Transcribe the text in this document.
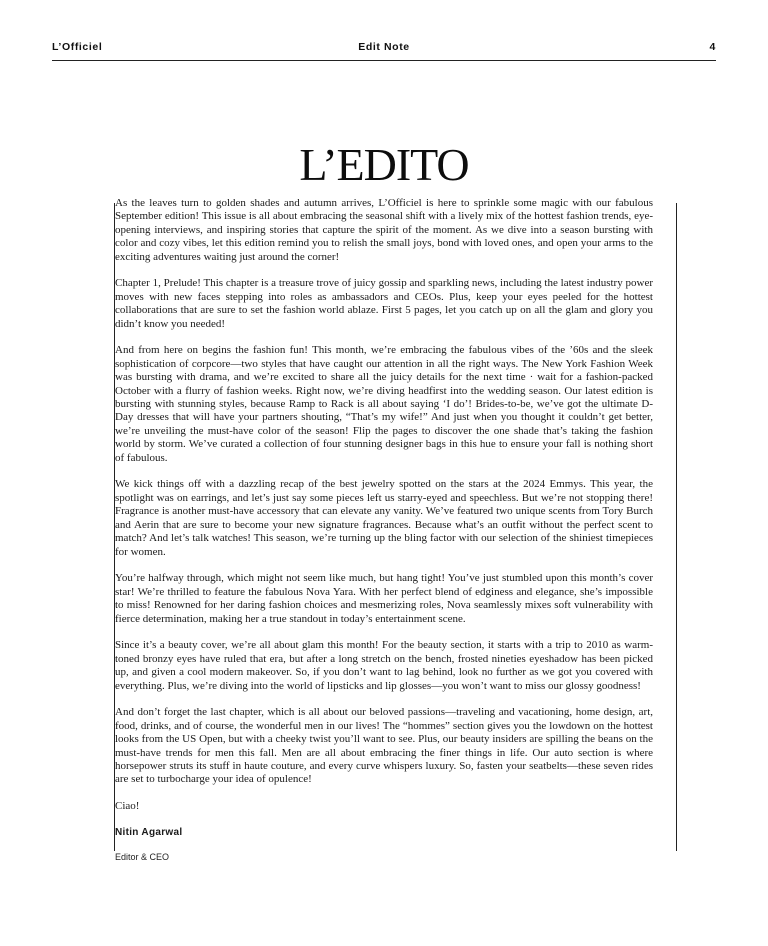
L’Officiel	Edit Note	4
L’EDITO

As the leaves turn to golden shades and autumn arrives, L’Officiel is here to sprinkle some magic with our fabulous September edition! This issue is all about embracing the seasonal shift with a lively mix of the hottest fashion trends, eye-opening interviews, and inspiring stories that capture the spirit of the moment. As we dive into a season bursting with color and cozy vibes, let this edition remind you to relish the small joys, bond with loved ones, and open your arms to the exciting adventures waiting just around the corner!

Chapter 1, Prelude! This chapter is a treasure trove of juicy gossip and sparkling news, including the latest industry power moves with new faces stepping into roles as ambassadors and CEOs. Plus, keep your eyes peeled for the hottest collaborations that are sure to set the fashion world ablaze. First 5 pages, let you catch up on all the glam and glory you didn’t know you needed!

And from here on begins the fashion fun! This month, we’re embracing the fabulous vibes of the ’60s and the sleek sophistication of corpcore—two styles that have caught our attention in all the right ways. The New York Fashion Week was bursting with drama, and we’re excited to share all the juicy details for the next time · wait for a fashion-packed October with a flurry of fashion weeks. Right now, we’re diving headfirst into the wedding season. Our latest edition is bursting with stunning styles, because Ramp to Rack is all about saying ‘I do’! Brides-to-be, we’ve got the ultimate D-Day dresses that will have your partners shouting, “That’s my wife!” And just when you thought it couldn’t get better, we’re unveiling the must-have color of the season! Flip the pages to discover the one shade that’s taking the fashion world by storm. We’ve curated a collection of four stunning designer bags in this hue to ensure your fall is nothing short of fabulous.

We kick things off with a dazzling recap of the best jewelry spotted on the stars at the 2024 Emmys. This year, the spotlight was on earrings, and let’s just say some pieces left us starry-eyed and speechless. But we’re not stopping there! Fragrance is another must-have accessory that can elevate any vanity. We’ve featured two unique scents from Tory Burch and Aerin that are sure to become your new signature fragrances. Because what’s an outfit without the perfect scent to match? And let’s talk watches! This season, we’re turning up the bling factor with our selection of the shiniest timepieces for women.

You’re halfway through, which might not seem like much, but hang tight! You’ve just stumbled upon this month’s cover star! We’re thrilled to feature the fabulous Nova Yara. With her perfect blend of edginess and elegance, she’s impossible to miss! Renowned for her daring fashion choices and mesmerizing roles, Nova seamlessly mixes soft vulnerability with fierce determination, making her a true standout in today’s entertainment scene.

Since it’s a beauty cover, we’re all about glam this month! For the beauty section, it starts with a trip to 2010 as warm-toned bronzy eyes have ruled that era, but after a long stretch on the bench, frosted nineties eyeshadow has been picked up, and given a cool modern makeover. So, if you don’t want to lag behind, look no further as we got you covered with everything. Plus, we’re diving into the world of lipsticks and lip glosses—you won’t want to miss our glossy goodness!

And don’t forget the last chapter, which is all about our beloved passions—traveling and vacationing, home design, art, food, drinks, and of course, the wonderful men in our lives! The “hommes” section gives you the lowdown on the hottest looks from the US Open, but with a cheeky twist you’ll want to see. Plus, our beauty insiders are spilling the beans on the must-have trends for men this fall. Men are all about embracing the finer things in life. Our auto section is where horsepower struts its stuff in haute couture, and every curve whispers luxury. So, fasten your seatbelts—these seven rides are set to turbocharge your idea of opulence!

Ciao!

Nitin Agarwal

Editor & CEO
